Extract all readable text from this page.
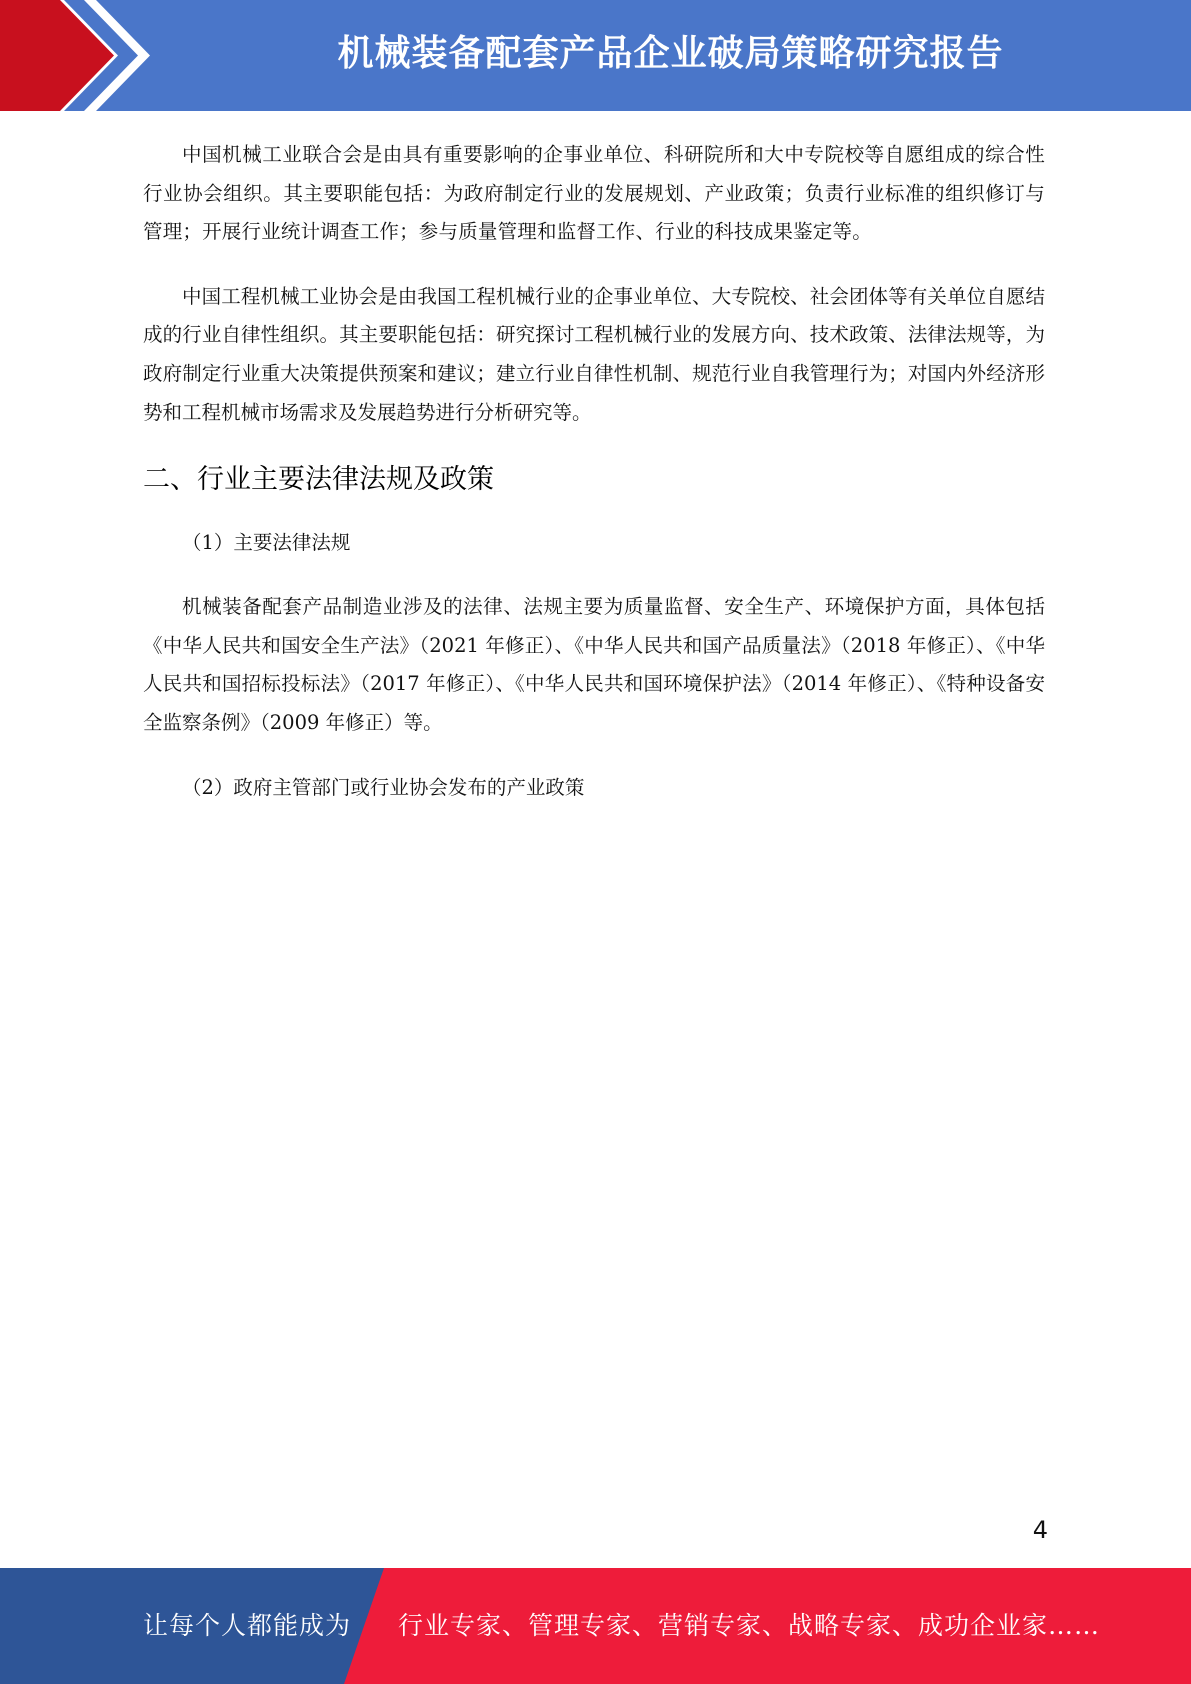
机械装备配套产品企业破局策略研究报告

中国机械工业联合会是由具有重要影响的企事业单位、科研院所和大中专院校等自愿组成的综合性行业协会组织。其主要职能包括：为政府制定行业的发展规划、产业政策；负责行业标准的组织修订与管理；开展行业统计调查工作；参与质量管理和监督工作、行业的科技成果鉴定等。

中国工程机械工业协会是由我国工程机械行业的企事业单位、大专院校、社会团体等有关单位自愿结成的行业自律性组织。其主要职能包括：研究探讨工程机械行业的发展方向、技术政策、法律法规等，为政府制定行业重大决策提供预案和建议；建立行业自律性机制、规范行业自我管理行为；对国内外经济形势和工程机械市场需求及发展趋势进行分析研究等。

二、行业主要法律法规及政策

（1）主要法律法规

机械装备配套产品制造业涉及的法律、法规主要为质量监督、安全生产、环境保护方面，具体包括《中华人民共和国安全生产法》（2021 年修正）、《中华人民共和国产品质量法》（2018 年修正）、《中华人民共和国招标投标法》（2017 年修正）、《中华人民共和国环境保护法》（2014 年修正）、《特种设备安全监察条例》（2009 年修正）等。

（2）政府主管部门或行业协会发布的产业政策

4
让每个人都能成为 行业专家、管理专家、营销专家、战略专家、成功企业家……
